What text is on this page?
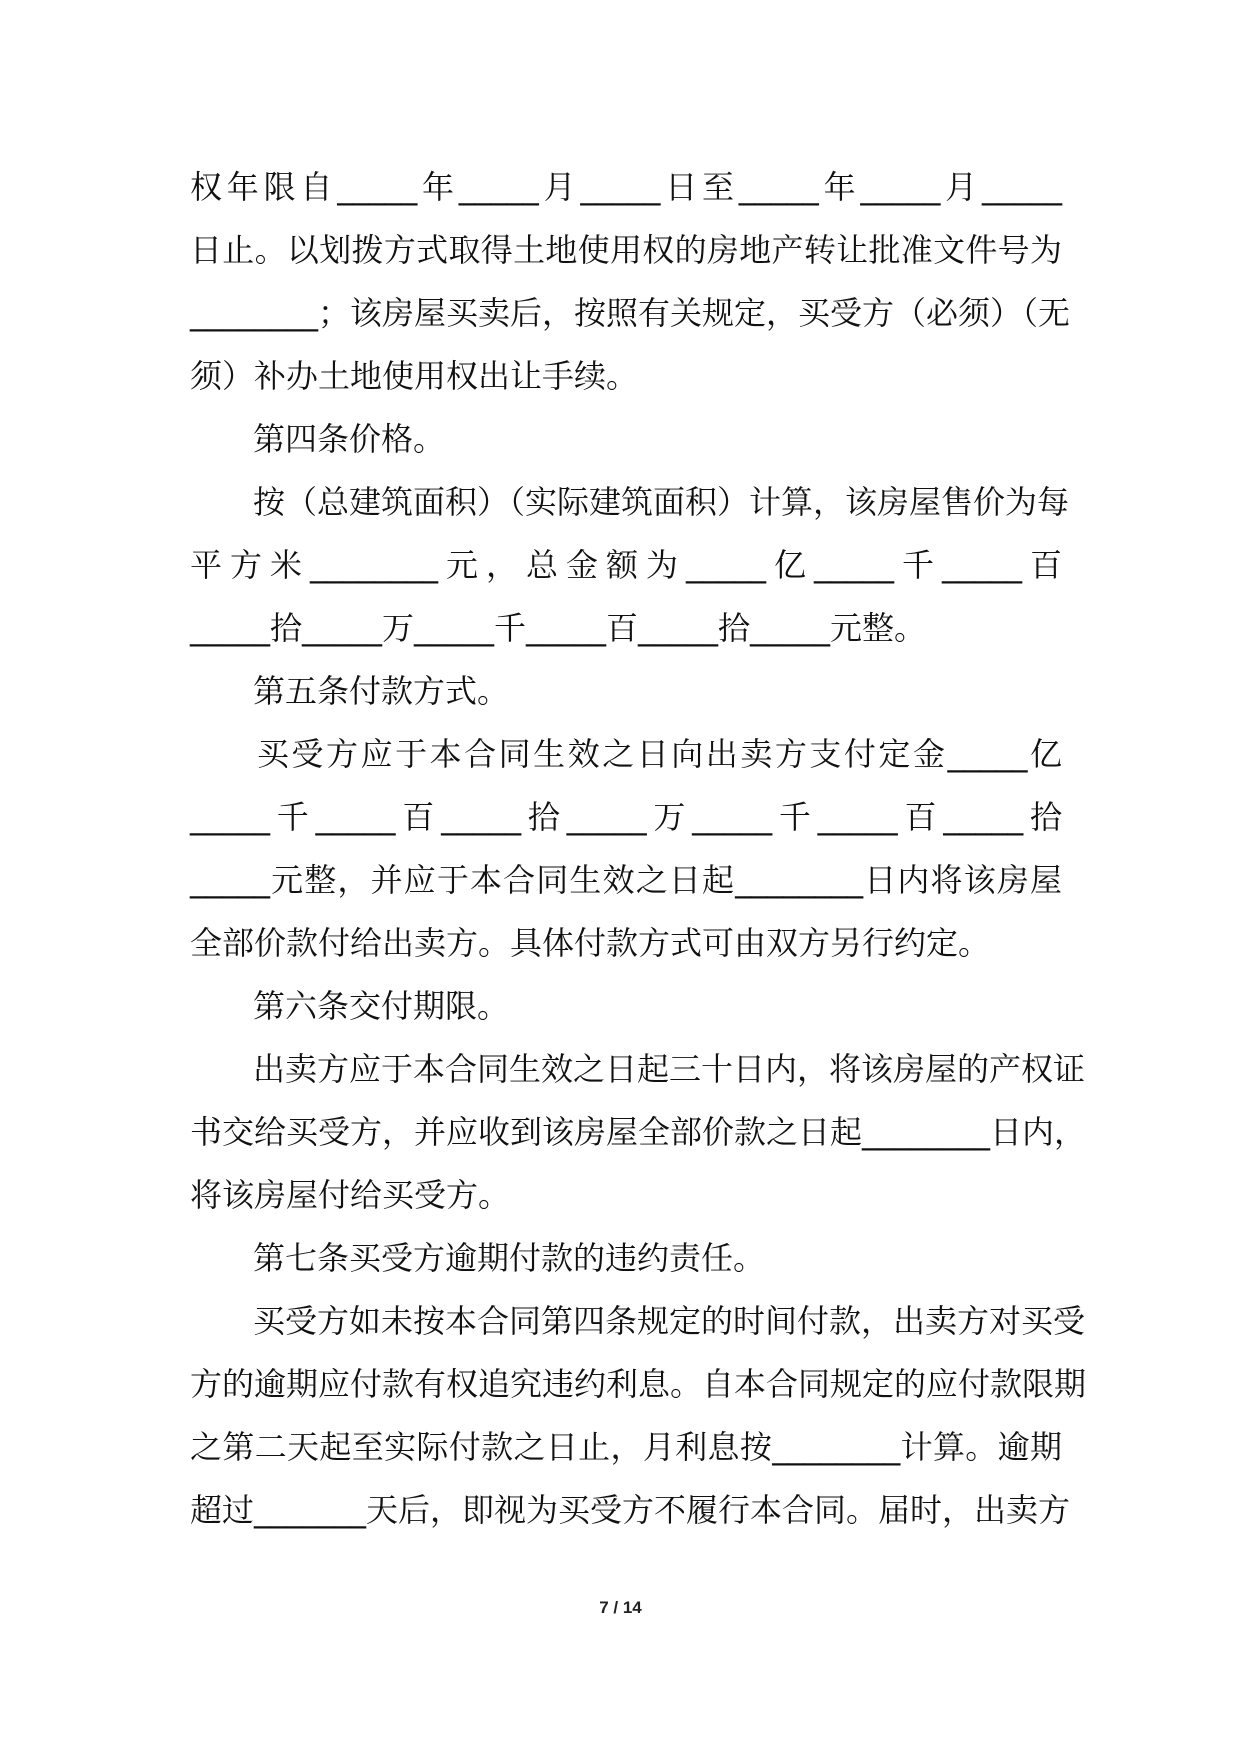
权年限自_____年_____月_____日至_____年_____月_____
日止。以划拨方式取得土地使用权的房地产转让批准文件号为
________；该房屋买卖后，按照有关规定，买受方（必须）（无
须）补办土地使用权出让手续。
第四条价格。
按（总建筑面积）（实际建筑面积）计算，该房屋售价为每
平方米________元，总金额为_____亿_____千_____百
_____拾_____万_____千_____百_____拾_____元整。
第五条付款方式。
买受方应于本合同生效之日向出卖方支付定金_____亿
_____千_____百_____拾_____万_____千_____百_____拾
_____元整，并应于本合同生效之日起________日内将该房屋
全部价款付给出卖方。具体付款方式可由双方另行约定。
第六条交付期限。
出卖方应于本合同生效之日起三十日内，将该房屋的产权证
书交给买受方，并应收到该房屋全部价款之日起________日内，
将该房屋付给买受方。
第七条买受方逾期付款的违约责任。
买受方如未按本合同第四条规定的时间付款，出卖方对买受
方的逾期应付款有权追究违约利息。自本合同规定的应付款限期
之第二天起至实际付款之日止，月利息按________计算。逾期
超过_______天后，即视为买受方不履行本合同。届时，出卖方
7 / 14
